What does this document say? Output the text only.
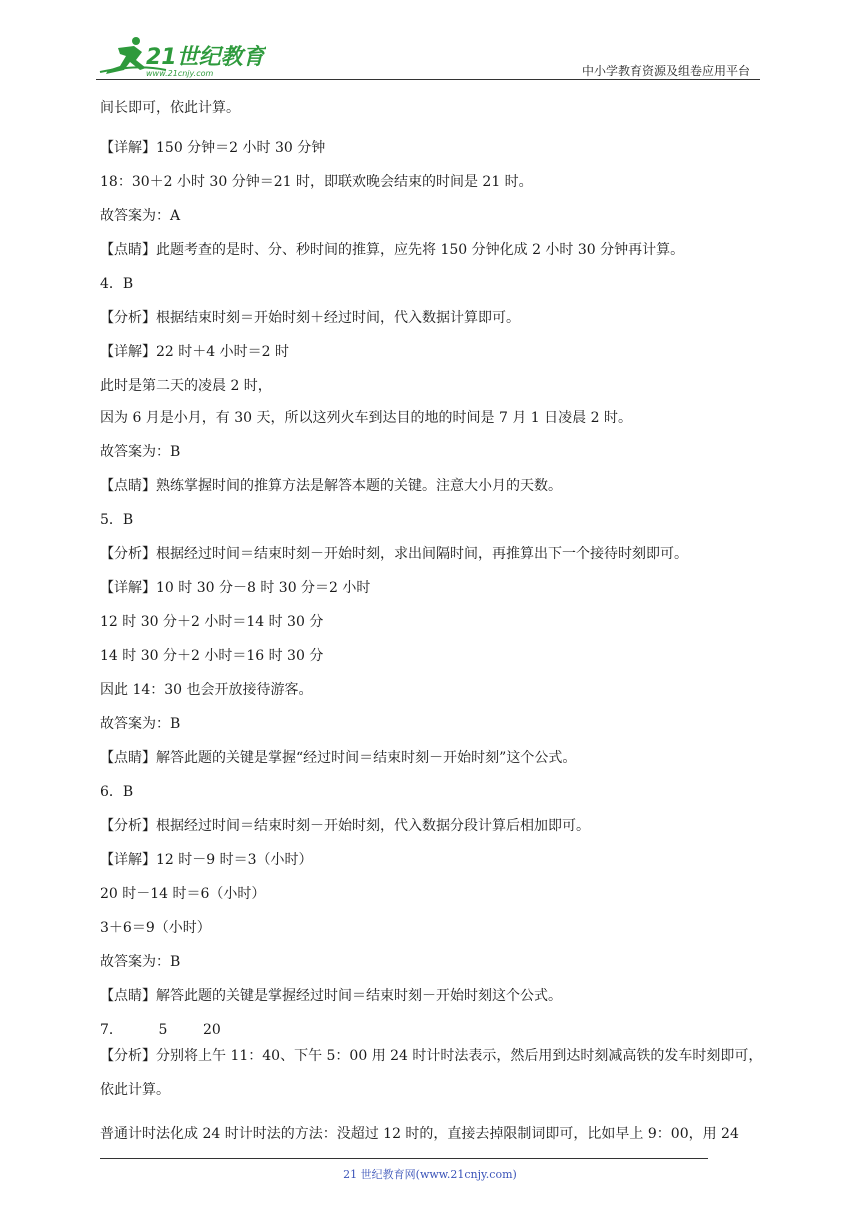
21世纪教育
www.21cnjy.com	中小学教育资源及组卷应用平台
间长即可，依此计算。
【详解】150 分钟＝2 小时 30 分钟
18：30＋2 小时 30 分钟＝21 时，即联欢晚会结束的时间是 21 时。
故答案为：A
【点睛】此题考查的是时、分、秒时间的推算，应先将 150 分钟化成 2 小时 30 分钟再计算。
4．B
【分析】根据结束时刻＝开始时刻＋经过时间，代入数据计算即可。
【详解】22 时＋4 小时＝2 时
此时是第二天的凌晨 2 时，
因为 6 月是小月，有 30 天，所以这列火车到达目的地的时间是 7 月 1 日凌晨 2 时。
故答案为：B
【点睛】熟练掌握时间的推算方法是解答本题的关键。注意大小月的天数。
5．B
【分析】根据经过时间＝结束时刻－开始时刻，求出间隔时间，再推算出下一个接待时刻即可。
【详解】10 时 30 分－8 时 30 分＝2 小时
12 时 30 分＋2 小时＝14 时 30 分
14 时 30 分＋2 小时＝16 时 30 分
因此 14：30 也会开放接待游客。
故答案为：B
【点睛】解答此题的关键是掌握“经过时间＝结束时刻－开始时刻”这个公式。
6．B
【分析】根据经过时间＝结束时刻－开始时刻，代入数据分段计算后相加即可。
【详解】12 时－9 时＝3（小时）
20 时－14 时＝6（小时）
3＋6＝9（小时）
故答案为：B
【点睛】解答此题的关键是掌握经过时间＝结束时刻－开始时刻这个公式。
7．        5        20
【分析】分别将上午 11：40、下午 5：00 用 24 时计时法表示，然后用到达时刻减高铁的发车时刻即可，依此计算。
普通计时法化成 24 时计时法的方法：没超过 12 时的，直接去掉限制词即可，比如早上 9：00，用 24
21 世纪教育网(www.21cnjy.com)
